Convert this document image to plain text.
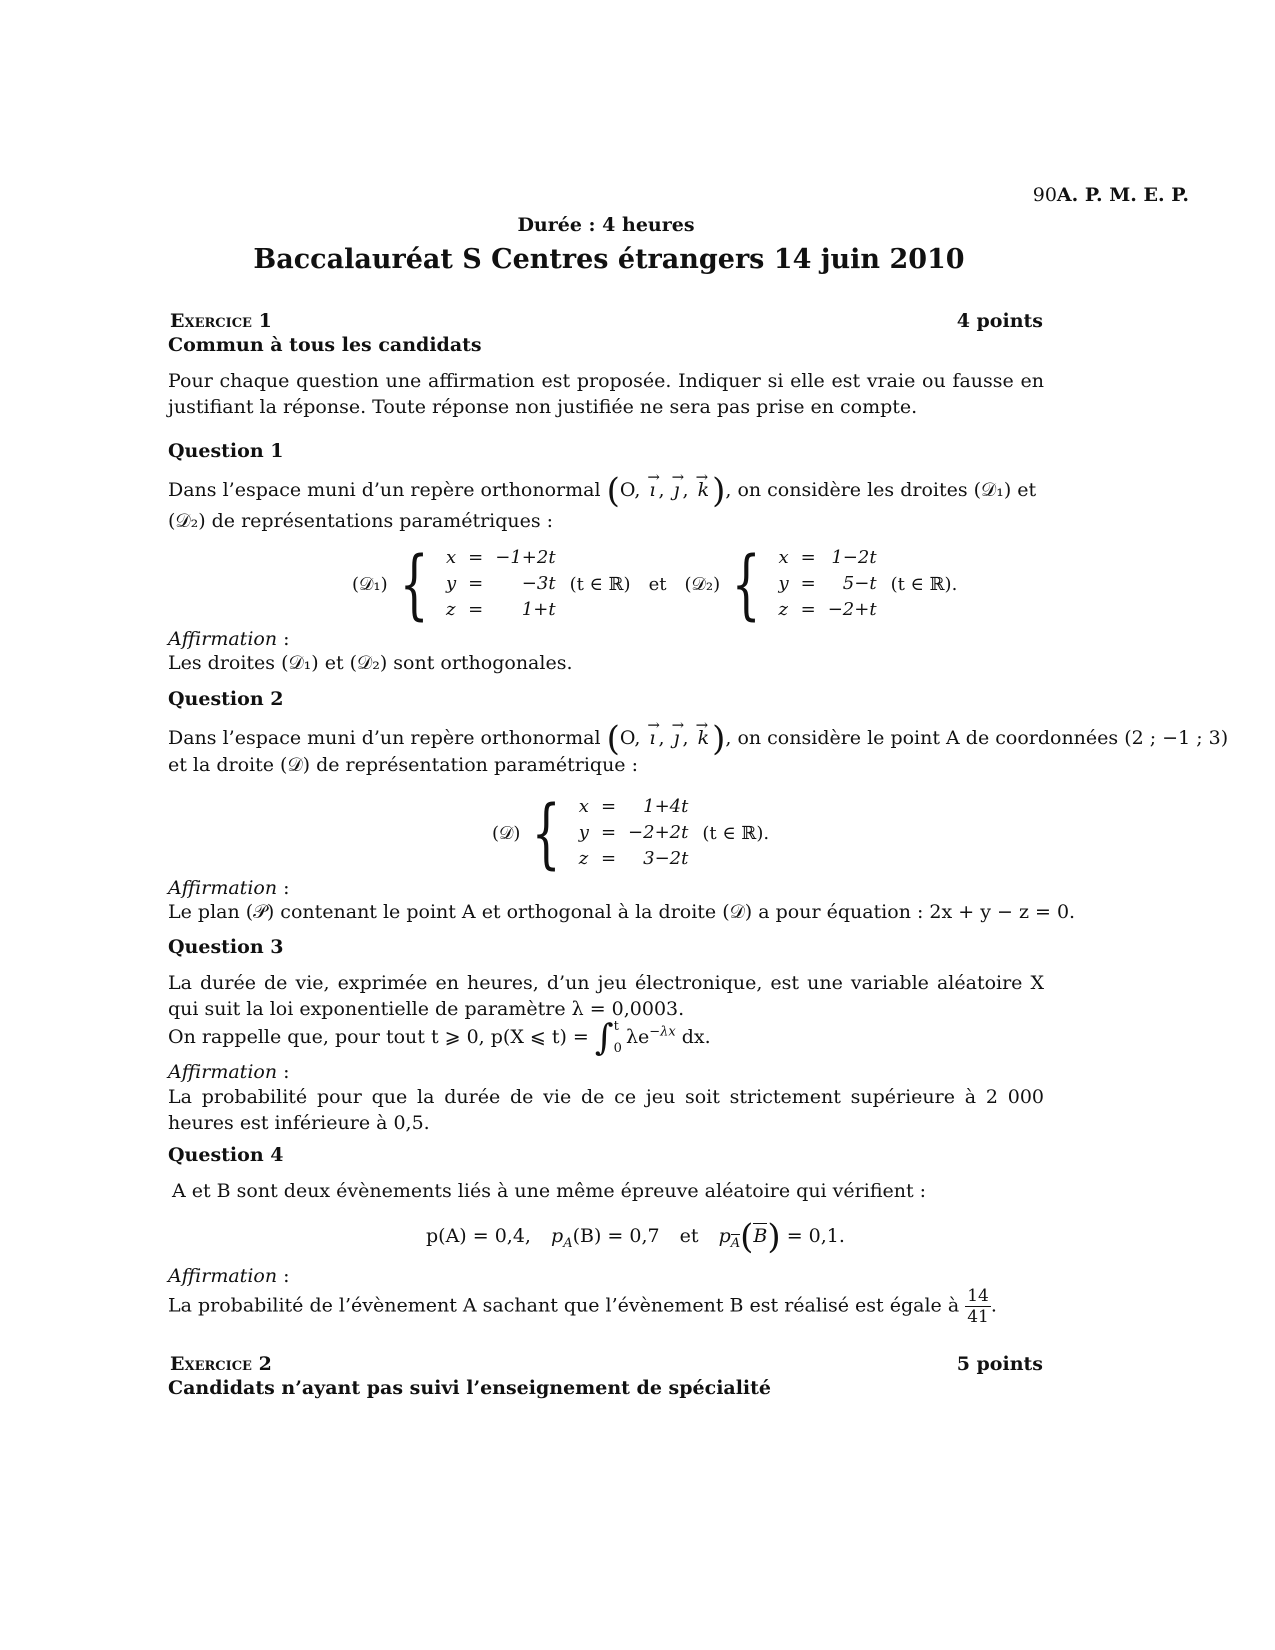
90A. P. M. E. P.
Durée : 4 heures
Baccalauréat S Centres étrangers 14 juin 2010
Exercice 1	4 points
Commun à tous les candidats
Pour chaque question une affirmation est proposée. Indiquer si elle est vraie ou fausse en justifiant la réponse. Toute réponse non justifiée ne sera pas prise en compte.
Question 1
Dans l’espace muni d’un repère orthonormal (O, → ı , → ȷ , → k), on considère les droites (𝒟₁) et (𝒟₂) de représentations paramétriques :
(𝒟₁) { x	=	−1+2t
y	=	−3t
z	=	1+t
(t ∈ ℝ) et (𝒟₂) { x	=	1−2t
y	=	5−t
z	=	−2+t
(t ∈ ℝ).
Affirmation :
Les droites (𝒟₁) et (𝒟₂) sont orthogonales.
Question 2
Dans l’espace muni d’un repère orthonormal (O, → ı , → ȷ , → k), on considère le point A de coordonnées (2 ; −1 ; 3)
et la droite (𝒟) de représentation paramétrique :
(𝒟) { x	=	1+4t
y	=	−2+2t
z	=	3−2t
(t ∈ ℝ).
Affirmation :
Le plan (𝒫) contenant le point A et orthogonal à la droite (𝒟) a pour équation : 2x + y − z = 0.
Question 3
La durée de vie, exprimée en heures, d’un jeu électronique, est une variable aléatoire X qui suit la loi exponentielle de paramètre λ = 0,0003.
On rappelle que, pour tout t ⩾ 0, p(X ⩽ t) = ∫ t
0
$\lambda e^{-\lambda x}$ dx.
Affirmation :
La probabilité pour que la durée de vie de ce jeu soit strictement supérieure à 2 000 heures est inférieure à 0,5.
Question 4
A et B sont deux évènements liés à une même épreuve aléatoire qui vérifient :
p(A) = 0,4, $p_A(B) = 0,7$ et $p_A(B) = 0,1$.
Affirmation :
La probabilité de l’évènement A sachant que l’évènement B est réalisé est égale à $\frac{14}{41}$ .
Exercice 2	5 points
Candidats n’ayant pas suivi l’enseignement de spécialité
